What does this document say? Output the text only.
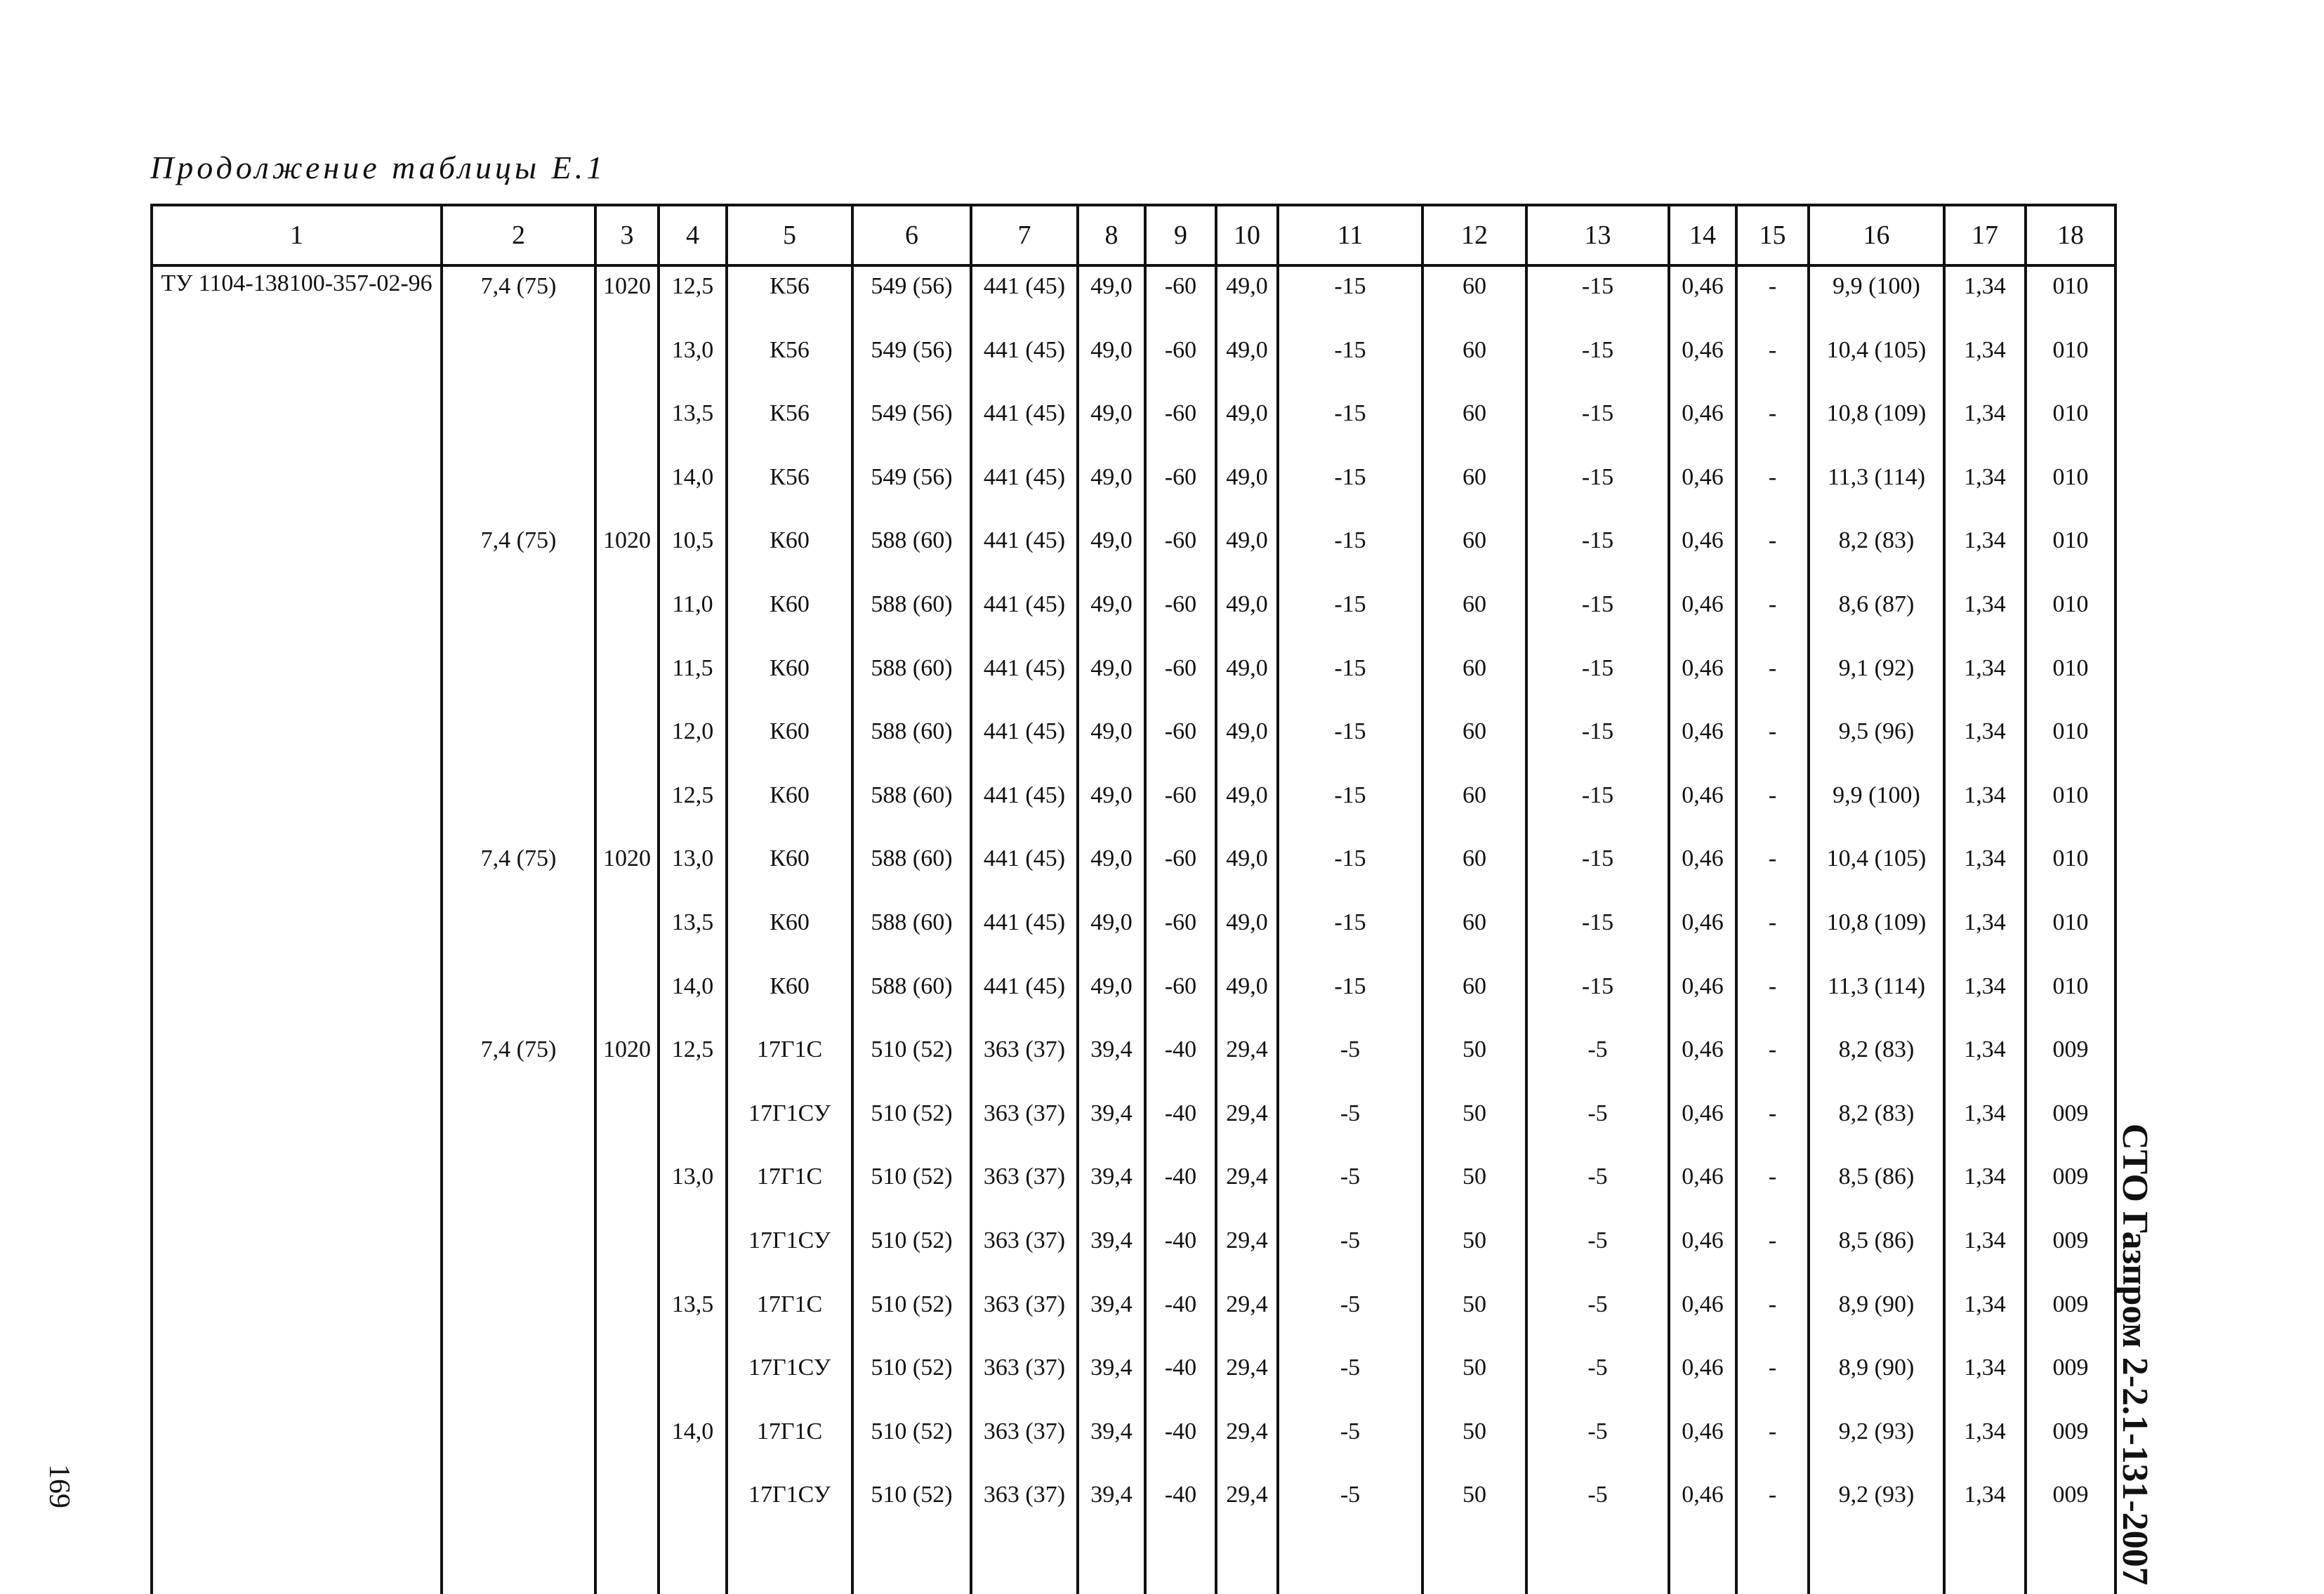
Продолжение таблицы Е.1
1	2	3	4	5	6	7	8	9	10	11	12	13	14	15	16	17	18
ТУ 1104-138100-357-02-96	7,4 (75)	1020	12,5	К56	549 (56)	441 (45)	49,0	-60	49,0	-15	60	-15	0,46	-	9,9 (100)	1,34	010
			13,0	К56	549 (56)	441 (45)	49,0	-60	49,0	-15	60	-15	0,46	-	10,4 (105)	1,34	010
			13,5	К56	549 (56)	441 (45)	49,0	-60	49,0	-15	60	-15	0,46	-	10,8 (109)	1,34	010
			14,0	К56	549 (56)	441 (45)	49,0	-60	49,0	-15	60	-15	0,46	-	11,3 (114)	1,34	010
	7,4 (75)	1020	10,5	К60	588 (60)	441 (45)	49,0	-60	49,0	-15	60	-15	0,46	-	8,2 (83)	1,34	010
			11,0	К60	588 (60)	441 (45)	49,0	-60	49,0	-15	60	-15	0,46	-	8,6 (87)	1,34	010
			11,5	К60	588 (60)	441 (45)	49,0	-60	49,0	-15	60	-15	0,46	-	9,1 (92)	1,34	010
			12,0	К60	588 (60)	441 (45)	49,0	-60	49,0	-15	60	-15	0,46	-	9,5 (96)	1,34	010
			12,5	К60	588 (60)	441 (45)	49,0	-60	49,0	-15	60	-15	0,46	-	9,9 (100)	1,34	010
	7,4 (75)	1020	13,0	К60	588 (60)	441 (45)	49,0	-60	49,0	-15	60	-15	0,46	-	10,4 (105)	1,34	010
			13,5	К60	588 (60)	441 (45)	49,0	-60	49,0	-15	60	-15	0,46	-	10,8 (109)	1,34	010
			14,0	К60	588 (60)	441 (45)	49,0	-60	49,0	-15	60	-15	0,46	-	11,3 (114)	1,34	010
	7,4 (75)	1020	12,5	17Г1С	510 (52)	363 (37)	39,4	-40	29,4	-5	50	-5	0,46	-	8,2 (83)	1,34	009
				17Г1СУ	510 (52)	363 (37)	39,4	-40	29,4	-5	50	-5	0,46	-	8,2 (83)	1,34	009
			13,0	17Г1С	510 (52)	363 (37)	39,4	-40	29,4	-5	50	-5	0,46	-	8,5 (86)	1,34	009
				17Г1СУ	510 (52)	363 (37)	39,4	-40	29,4	-5	50	-5	0,46	-	8,5 (86)	1,34	009
			13,5	17Г1С	510 (52)	363 (37)	39,4	-40	29,4	-5	50	-5	0,46	-	8,9 (90)	1,34	009
				17Г1СУ	510 (52)	363 (37)	39,4	-40	29,4	-5	50	-5	0,46	-	8,9 (90)	1,34	009
			14,0	17Г1С	510 (52)	363 (37)	39,4	-40	29,4	-5	50	-5	0,46	-	9,2 (93)	1,34	009
				17Г1СУ	510 (52)	363 (37)	39,4	-40	29,4	-5	50	-5	0,46	-	9,2 (93)	1,34	009
																	СТО Газпром 2-2.1-131-2007
169
